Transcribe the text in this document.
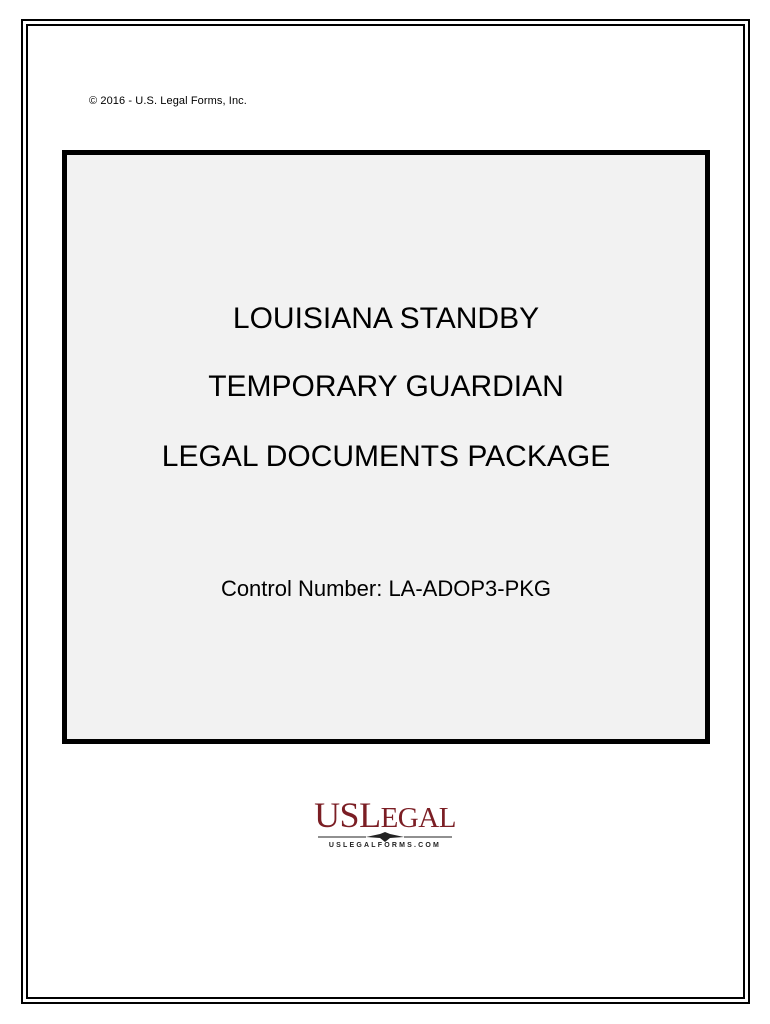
© 2016 - U.S. Legal Forms, Inc.
LOUISIANA STANDBY
TEMPORARY GUARDIAN
LEGAL DOCUMENTS PACKAGE
Control Number: LA-ADOP3-PKG
USLEGAL
USLEGALFORMS.COM
